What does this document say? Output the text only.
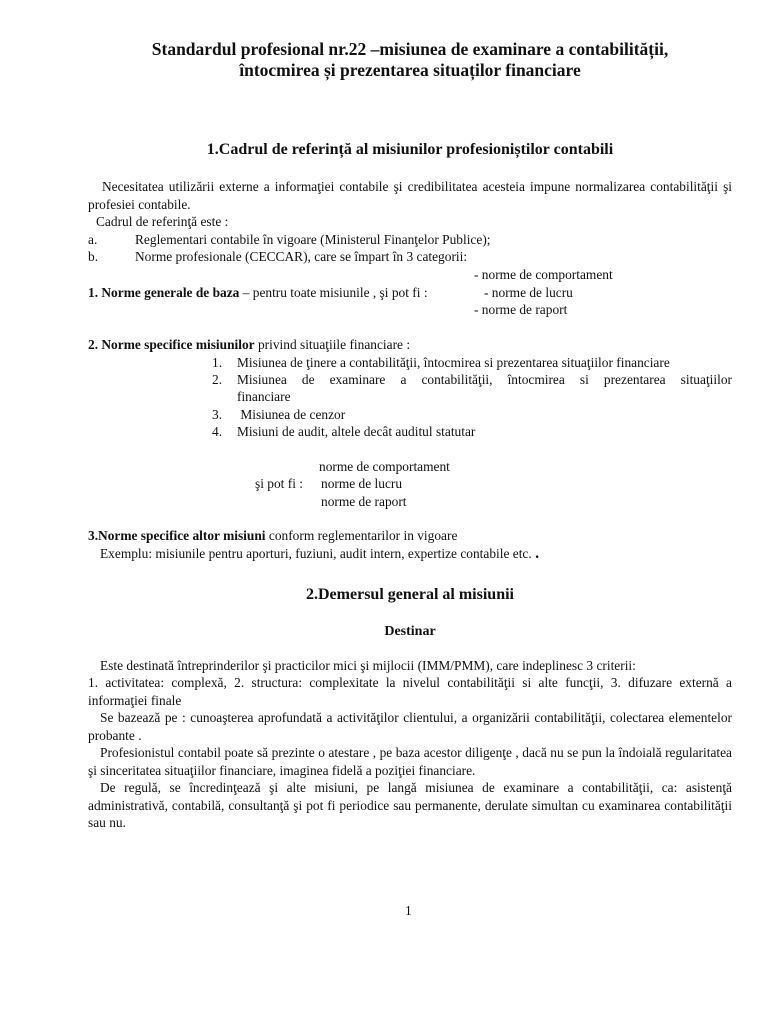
Standardul profesional nr.22 –misiunea de examinare a contabilității,
întocmirea și prezentarea situaților financiare
1.Cadrul de referință al misiunilor profesioniștilor contabili
Necesitatea utilizării externe a informaţiei contabile şi credibilitatea acesteia impune normalizarea contabilităţii şi profesiei contabile.
Cadrul de referinţă este :
a.	Reglementari contabile în vigoare (Ministerul Finanţelor Publice);
b.	Norme profesionale (CECCAR), care se împart în 3 categorii:
- norme de comportament
1. Norme generale de baza – pentru toate misiunile , şi pot fi :	- norme de lucru
- norme de raport
2. Norme specifice misiunilor privind situaţiile financiare :
1. Misiunea de ţinere a contabilităţii, întocmirea si prezentarea situaţiilor financiare
2. Misiunea de examinare a contabilităţii, întocmirea si prezentarea situaţiilor
financiare
3. Misiunea de cenzor
4. Misiuni de audit, altele decât auditul statutar
norme de comportament
şi pot fi : norme de lucru
norme de raport
3.Norme specifice altor misiuni conform reglementarilor in vigoare
Exemplu: misiunile pentru aporturi, fuziuni, audit intern, expertize contabile etc. .
2.Demersul general al misiunii
Destinar
Este destinată întreprinderilor şi practicilor mici şi mijlocii (IMM/PMM), care indeplinesc 3 criterii:
1. activitatea: complexă, 2. structura: complexitate la nivelul contabilităţii si alte funcţii, 3. difuzare externă a informaţiei finale
Se bazează pe : cunoaşterea aprofundată a activităţilor clientului, a organizării contabilităţii, colectarea elementelor probante .
Profesionistul contabil poate să prezinte o atestare , pe baza acestor diligenţe , dacă nu se pun la îndoială regularitatea şi sinceritatea situaţiilor financiare, imaginea fidelă a poziţiei financiare.
De regulă, se încredinţează şi alte misiuni, pe langă misiunea de examinare a contabilităţii, ca: asistenţă administrativă, contabilă, consultanţă şi pot fi periodice sau permanente, derulate simultan cu examinarea contabilităţii sau nu.
1
